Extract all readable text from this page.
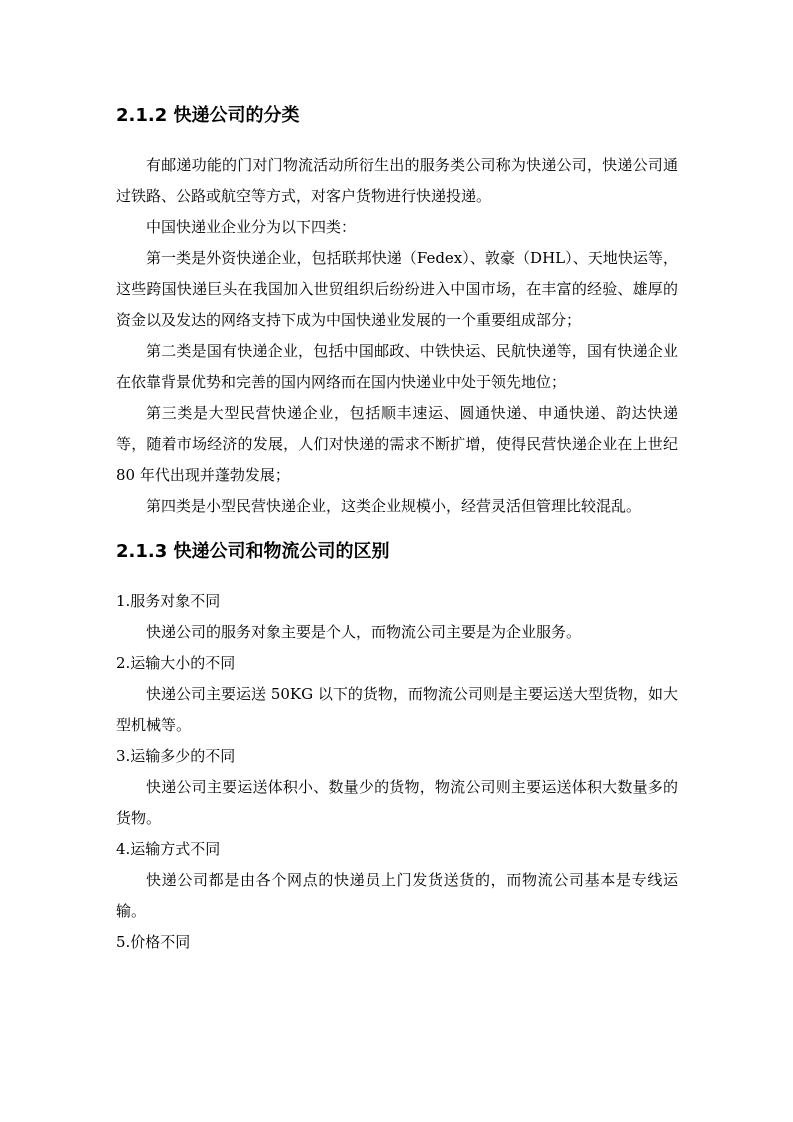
2.1.2 快递公司的分类

有邮递功能的门对门物流活动所衍生出的服务类公司称为快递公司，快递公司通过铁路、公路或航空等方式，对客户货物进行快递投递。

中国快递业企业分为以下四类：

第一类是外资快递企业，包括联邦快递（Fedex）、敦豪（DHL）、天地快运等，这些跨国快递巨头在我国加入世贸组织后纷纷进入中国市场，在丰富的经验、雄厚的资金以及发达的网络支持下成为中国快递业发展的一个重要组成部分；

第二类是国有快递企业，包括中国邮政、中铁快运、民航快递等，国有快递企业在依靠背景优势和完善的国内网络而在国内快递业中处于领先地位；

第三类是大型民营快递企业，包括顺丰速运、圆通快递、申通快递、韵达快递等，随着市场经济的发展，人们对快递的需求不断扩增，使得民营快递企业在上世纪 80 年代出现并蓬勃发展；

第四类是小型民营快递企业，这类企业规模小，经营灵活但管理比较混乱。

2.1.3 快递公司和物流公司的区别

1.服务对象不同

快递公司的服务对象主要是个人，而物流公司主要是为企业服务。

2.运输大小的不同

快递公司主要运送 50KG 以下的货物，而物流公司则是主要运送大型货物，如大型机械等。

3.运输多少的不同

快递公司主要运送体积小、数量少的货物，物流公司则主要运送体积大数量多的货物。

4.运输方式不同

快递公司都是由各个网点的快递员上门发货送货的，而物流公司基本是专线运输。

5.价格不同
